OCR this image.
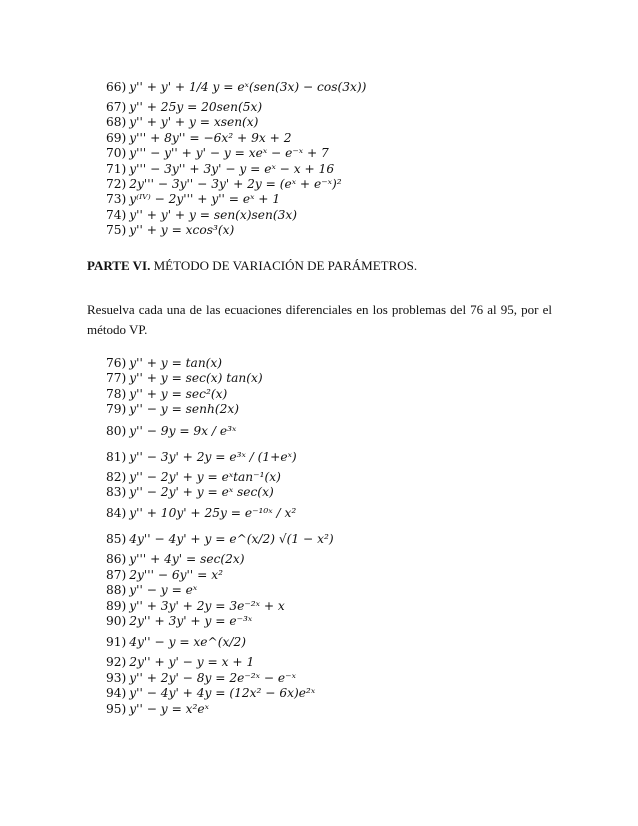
66) y'' + y' + 1/4 y = eˣ(sen(3x) − cos(3x))
67) y'' + 25y = 20sen(5x)
68) y'' + y' + y = xsen(x)
69) y''' + 8y'' = −6x² + 9x + 2
70) y''' − y'' + y' − y = xeˣ − e⁻ˣ + 7
71) y''' − 3y'' + 3y' − y = eˣ − x + 16
72) 2y''' − 3y'' − 3y' + 2y = (eˣ + e⁻ˣ)²
73) y⁽ᴵⱽ⁾ − 2y''' + y'' = eˣ + 1
74) y'' + y' + y = sen(x)sen(3x)
75) y'' + y = xcos³(x)
PARTE VI. MÉTODO DE VARIACIÓN DE PARÁMETROS.
Resuelva cada una de las ecuaciones diferenciales en los problemas del 76 al 95, por el método VP.
76) y'' + y = tan(x)
77) y'' + y = sec(x) tan(x)
78) y'' + y = sec²(x)
79) y'' − y = senh(2x)
80) y'' − 9y = 9x / e³ˣ
81) y'' − 3y' + 2y = e³ˣ / (1+eˣ)
82) y'' − 2y' + y = eˣtan⁻¹(x)
83) y'' − 2y' + y = eˣ sec(x)
84) y'' + 10y' + 25y = e⁻¹⁰ˣ / x²
85) 4y'' − 4y' + y = e^(x/2) √(1 − x²)
86) y''' + 4y' = sec(2x)
87) 2y''' − 6y'' = x²
88) y'' − y = eˣ
89) y'' + 3y' + 2y = 3e⁻²ˣ + x
90) 2y'' + 3y' + y = e⁻³ˣ
91) 4y'' − y = xe^(x/2)
92) 2y'' + y' − y = x + 1
93) y'' + 2y' − 8y = 2e⁻²ˣ − e⁻ˣ
94) y'' − 4y' + 4y = (12x² − 6x)e²ˣ
95) y'' − y = x²eˣ
